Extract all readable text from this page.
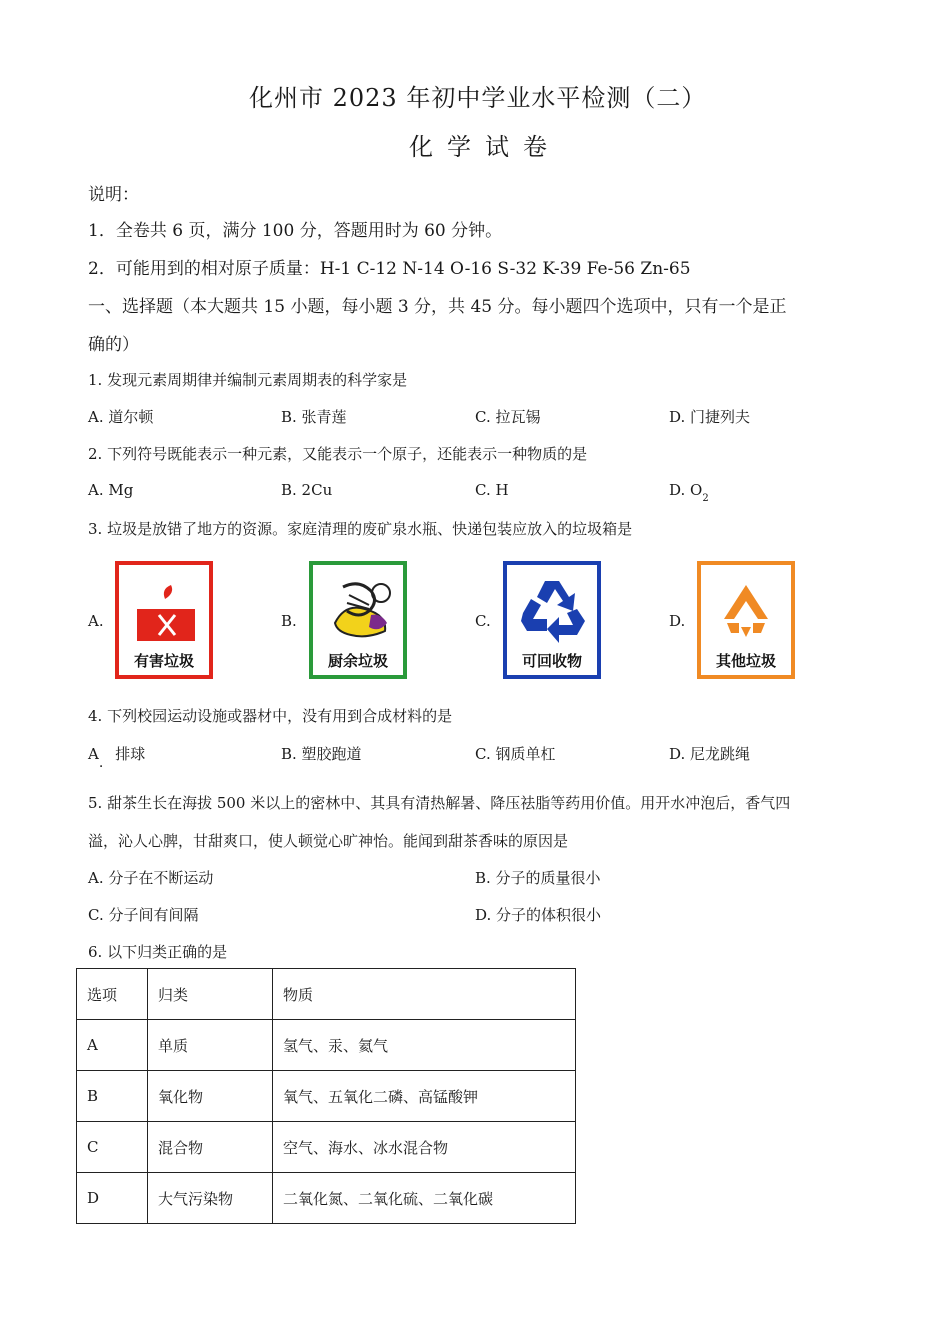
化州市 2023 年初中学业水平检测（二）
化学试卷
说明：
1．全卷共 6 页，满分 100 分，答题用时为 60 分钟。
2．可能用到的相对原子质量：H-1 C-12 N-14 O-16 S-32 K-39 Fe-56 Zn-65
一、选择题（本大题共 15 小题，每小题 3 分，共 45 分。每小题四个选项中，只有一个是正
确的）
1. 发现元素周期律并编制元素周期表的科学家是
A. 道尔顿	B. 张青莲	C. 拉瓦锡	D. 门捷列夫
2. 下列符号既能表示一种元素，又能表示一个原子，还能表示一种物质的是
A. Mg	B. 2Cu	C. H	D. $O_2$
3. 垃圾是放错了地方的资源。家庭清理的废矿泉水瓶、快递包装应放入的垃圾箱是
A.	B.	C.	D.
有害垃圾	厨余垃圾	可回收物	其他垃圾
4. 下列校园运动设施或器材中，没有用到合成材料的是
A. 排球	B. 塑胶跑道	C. 钢质单杠	D. 尼龙跳绳
5. 甜茶生长在海拔 500 米以上的密林中、其具有清热解暑、降压祛脂等药用价值。用开水冲泡后，香气四
溢，沁人心脾，甘甜爽口，使人顿觉心旷神怡。能闻到甜茶香味的原因是
A. 分子在不断运动	B. 分子的质量很小
C. 分子间有间隔	D. 分子的体积很小
6. 以下归类正确的是
选项	归类	物质
A	单质	氢气、汞、氦气
B	氧化物	氧气、五氧化二磷、高锰酸钾
C	混合物	空气、海水、冰水混合物
D	大气污染物	二氧化氮、二氧化硫、二氧化碳
